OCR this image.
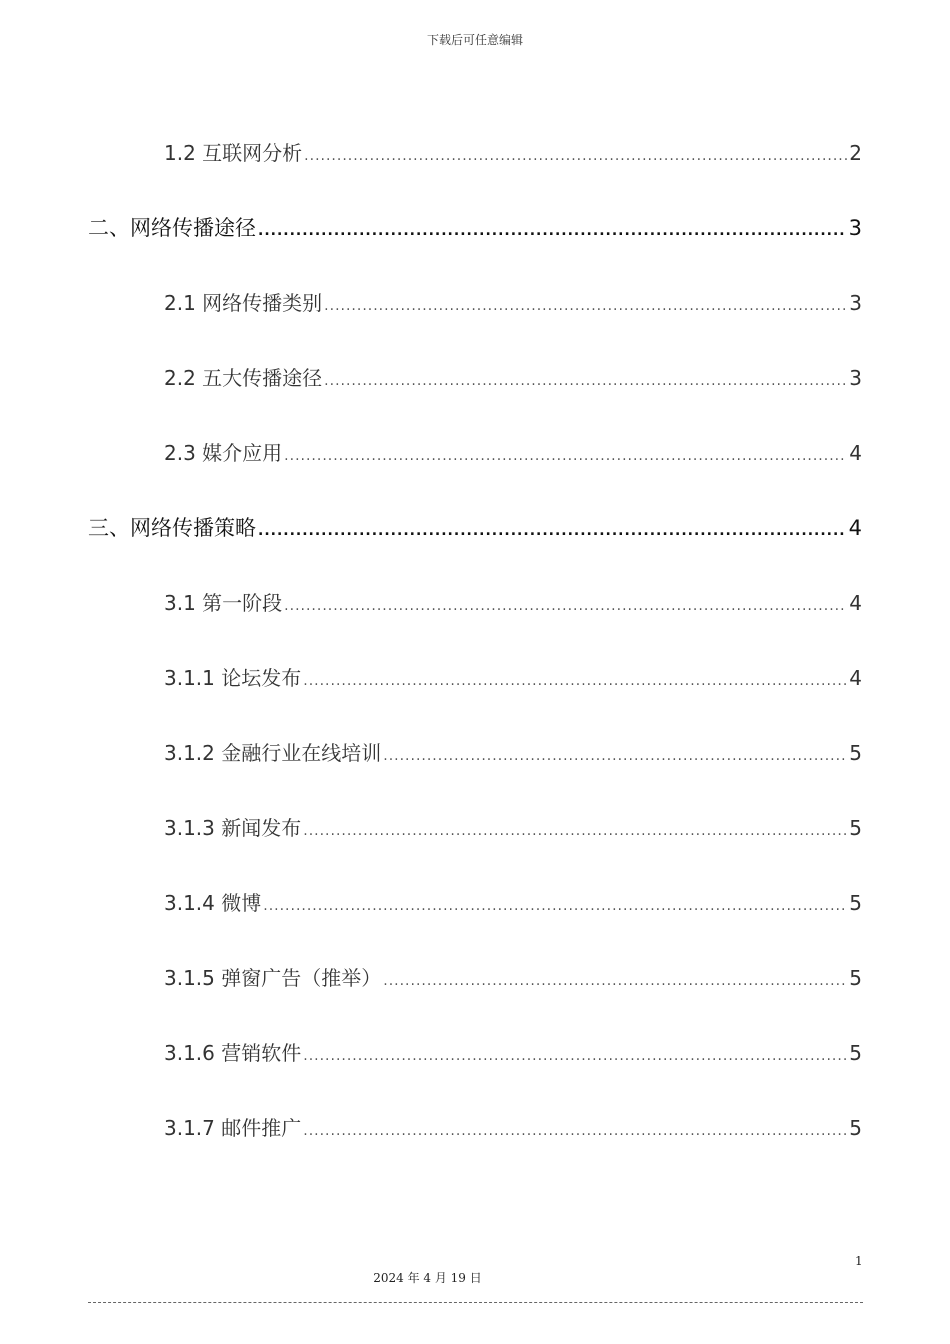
下载后可任意编辑
1.2 互联网分析 .....	2
二、网络传播途径 .....	3
2.1 网络传播类别 .....	3
2.2 五大传播途径 .....	3
2.3 媒介应用 .....	4
三、网络传播策略 .....	4
3.1 第一阶段 .....	4
3.1.1 论坛发布 .....	4
3.1.2 金融行业在线培训 .....	5
3.1.3 新闻发布 .....	5
3.1.4 微博 .....	5
3.1.5 弹窗广告（推举） .....	5
3.1.6 营销软件 .....	5
3.1.7 邮件推广 .....	5
1
2024 年 4 月 19 日
